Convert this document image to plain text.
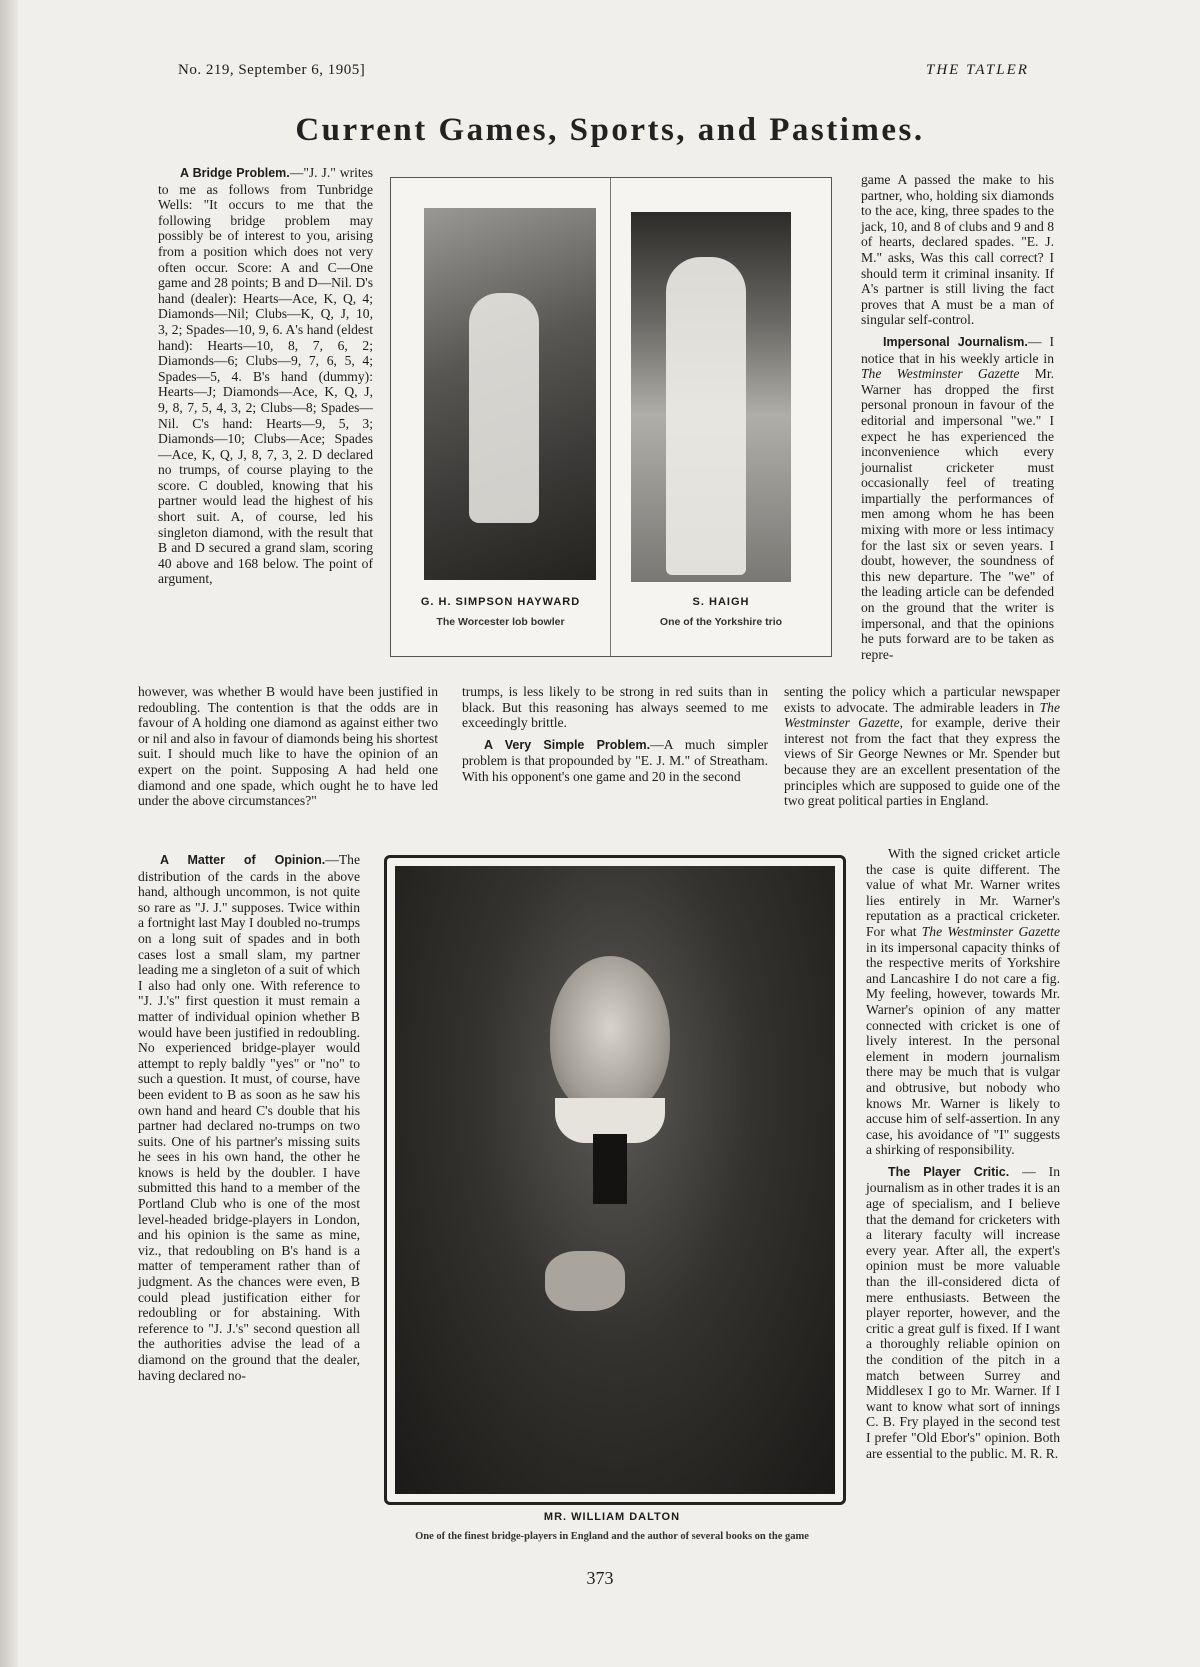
No. 219, September 6, 1905]	THE TATLER
Current Games, Sports, and Pastimes.

A Bridge Problem.—"J. J." writes to me as follows from Tunbridge Wells: "It occurs to me that the following bridge problem may possibly be of interest to you, arising from a position which does not very often occur. Score: A and C—One game and 28 points; B and D—Nil. D's hand (dealer): Hearts—Ace, K, Q, 4; Diamonds—Nil; Clubs—K, Q, J, 10, 3, 2; Spades—10, 9, 6. A's hand (eldest hand): Hearts—10, 8, 7, 6, 2; Diamonds—6; Clubs—9, 7, 6, 5, 4; Spades—5, 4. B's hand (dummy): Hearts—J; Diamonds—Ace, K, Q, J, 9, 8, 7, 5, 4, 3, 2; Clubs—8; Spades—Nil. C's hand: Hearts—9, 5, 3; Diamonds—10; Clubs—Ace; Spades—Ace, K, Q, J, 8, 7, 3, 2. D declared no trumps, of course playing to the score. C doubled, knowing that his partner would lead the highest of his short suit. A, of course, led his singleton diamond, with the result that B and D secured a grand slam, scoring 40 above and 168 below. The point of argument,

G. H. SIMPSON HAYWARD
The Worcester lob bowler
S. HAIGH
One of the Yorkshire trio

game A passed the make to his partner, who, holding six diamonds to the ace, king, three spades to the jack, 10, and 8 of clubs and 9 and 8 of hearts, declared spades. "E. J. M." asks, Was this call correct? I should term it criminal insanity. If A's partner is still living the fact proves that A must be a man of singular self-control.

Impersonal Journalism.— I notice that in his weekly article in The Westminster Gazette Mr. Warner has dropped the first personal pronoun in favour of the editorial and impersonal "we." I expect he has experienced the inconvenience which every journalist cricketer must occasionally feel of treating impartially the performances of men among whom he has been mixing with more or less intimacy for the last six or seven years. I doubt, however, the soundness of this new departure. The "we" of the leading article can be defended on the ground that the writer is impersonal, and that the opinions he puts forward are to be taken as repre-

however, was whether B would have been justified in redoubling. The contention is that the odds are in favour of A holding one diamond as against either two or nil and also in favour of diamonds being his shortest suit. I should much like to have the opinion of an expert on the point. Supposing A had held one diamond and one spade, which ought he to have led under the above circumstances?"

trumps, is less likely to be strong in red suits than in black. But this reasoning has always seemed to me exceedingly brittle.

A Very Simple Problem.—A much simpler problem is that propounded by "E. J. M." of Streatham. With his opponent's one game and 20 in the second

senting the policy which a particular newspaper exists to advocate. The admirable leaders in The Westminster Gazette, for example, derive their interest not from the fact that they express the views of Sir George Newnes or Mr. Spender but because they are an excellent presentation of the principles which are supposed to guide one of the two great political parties in England.

A Matter of Opinion.—The distribution of the cards in the above hand, although uncommon, is not quite so rare as "J. J." supposes. Twice within a fortnight last May I doubled no-trumps on a long suit of spades and in both cases lost a small slam, my partner leading me a singleton of a suit of which I also had only one. With reference to "J. J.'s" first question it must remain a matter of individual opinion whether B would have been justified in redoubling. No experienced bridge-player would attempt to reply baldly "yes" or "no" to such a question. It must, of course, have been evident to B as soon as he saw his own hand and heard C's double that his partner had declared no-trumps on two suits. One of his partner's missing suits he sees in his own hand, the other he knows is held by the doubler. I have submitted this hand to a member of the Portland Club who is one of the most level-headed bridge-players in London, and his opinion is the same as mine, viz., that redoubling on B's hand is a matter of temperament rather than of judgment. As the chances were even, B could plead justification either for redoubling or for abstaining. With reference to "J. J.'s" second question all the authorities advise the lead of a diamond on the ground that the dealer, having declared no-

MR. WILLIAM DALTON
One of the finest bridge-players in England and the author of several books on the game

With the signed cricket article the case is quite different. The value of what Mr. Warner writes lies entirely in Mr. Warner's reputation as a practical cricketer. For what The Westminster Gazette in its impersonal capacity thinks of the respective merits of Yorkshire and Lancashire I do not care a fig. My feeling, however, towards Mr. Warner's opinion of any matter connected with cricket is one of lively interest. In the personal element in modern journalism there may be much that is vulgar and obtrusive, but nobody who knows Mr. Warner is likely to accuse him of self-assertion. In any case, his avoidance of "I" suggests a shirking of responsibility.

The Player Critic. — In journalism as in other trades it is an age of specialism, and I believe that the demand for cricketers with a literary faculty will increase every year. After all, the expert's opinion must be more valuable than the ill-considered dicta of mere enthusiasts. Between the player reporter, however, and the critic a great gulf is fixed. If I want a thoroughly reliable opinion on the condition of the pitch in a match between Surrey and Middlesex I go to Mr. Warner. If I want to know what sort of innings C. B. Fry played in the second test I prefer "Old Ebor's" opinion. Both are essential to the public. M. R. R.

373
